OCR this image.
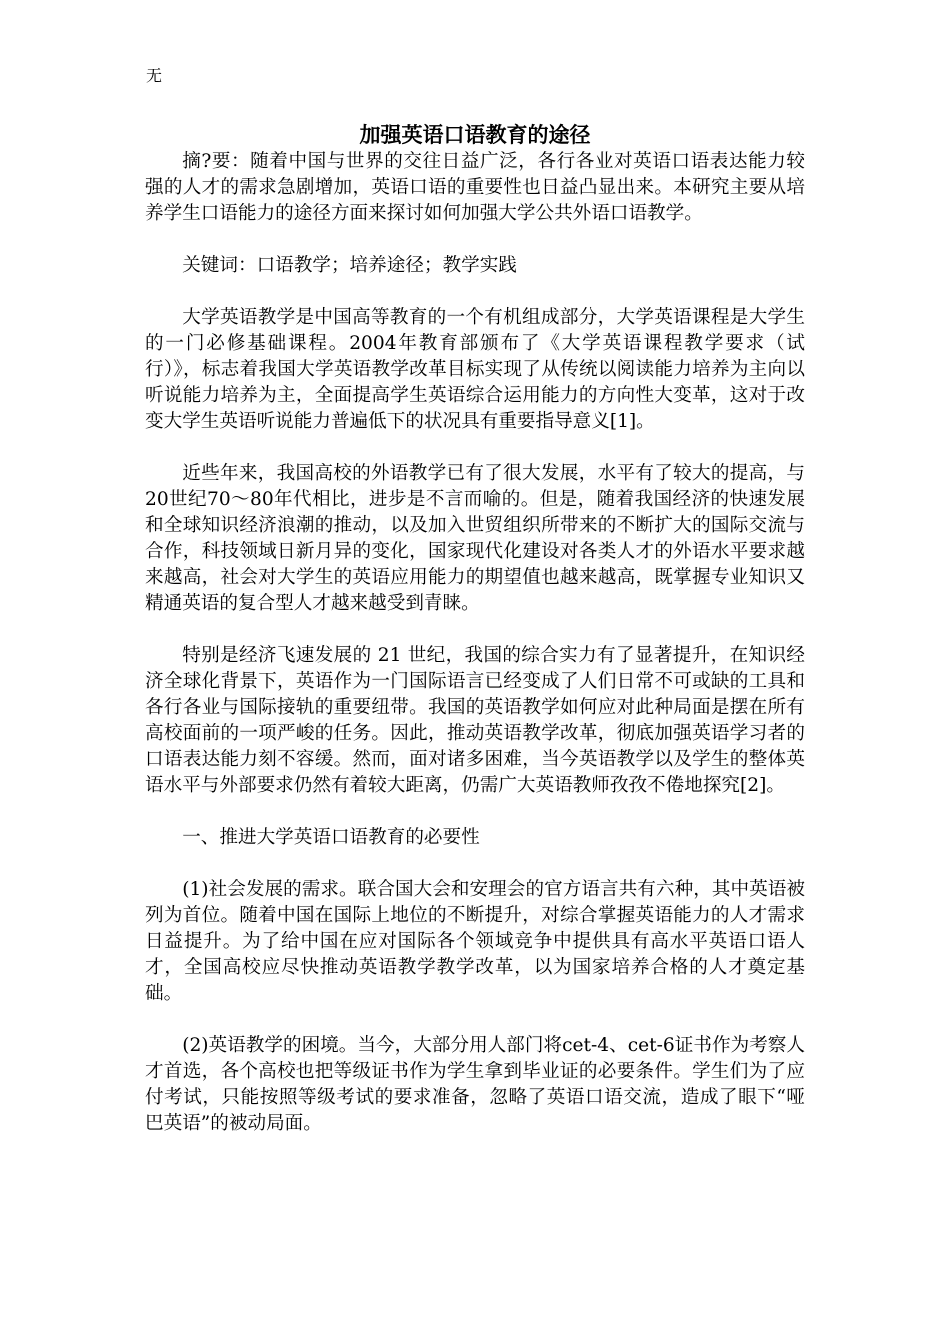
无
加强英语口语教育的途径

摘?要：随着中国与世界的交往日益广泛，各行各业对英语口语表达能力较强的人才的需求急剧增加，英语口语的重要性也日益凸显出来。本研究主要从培养学生口语能力的途径方面来探讨如何加强大学公共外语口语教学。

关键词：口语教学；培养途径；教学实践

大学英语教学是中国高等教育的一个有机组成部分，大学英语课程是大学生的一门必修基础课程。2004年教育部颁布了《大学英语课程教学要求（试行）》，标志着我国大学英语教学改革目标实现了从传统以阅读能力培养为主向以听说能力培养为主，全面提高学生英语综合运用能力的方向性大变革，这对于改变大学生英语听说能力普遍低下的状况具有重要指导意义[1]。

近些年来，我国高校的外语教学已有了很大发展，水平有了较大的提高，与20世纪70～80年代相比，进步是不言而喻的。但是，随着我国经济的快速发展和全球知识经济浪潮的推动，以及加入世贸组织所带来的不断扩大的国际交流与合作，科技领域日新月异的变化，国家现代化建设对各类人才的外语水平要求越来越高，社会对大学生的英语应用能力的期望值也越来越高，既掌握专业知识又精通英语的复合型人才越来越受到青睐。

特别是经济飞速发展的 21 世纪，我国的综合实力有了显著提升，在知识经济全球化背景下，英语作为一门国际语言已经变成了人们日常不可或缺的工具和各行各业与国际接轨的重要纽带。我国的英语教学如何应对此种局面是摆在所有高校面前的一项严峻的任务。因此，推动英语教学改革，彻底加强英语学习者的口语表达能力刻不容缓。然而，面对诸多困难，当今英语教学以及学生的整体英语水平与外部要求仍然有着较大距离，仍需广大英语教师孜孜不倦地探究[2]。

一、推进大学英语口语教育的必要性

(1)社会发展的需求。联合国大会和安理会的官方语言共有六种，其中英语被列为首位。随着中国在国际上地位的不断提升，对综合掌握英语能力的人才需求日益提升。为了给中国在应对国际各个领域竞争中提供具有高水平英语口语人才，全国高校应尽快推动英语教学教学改革，以为国家培养合格的人才奠定基础。

(2)英语教学的困境。当今，大部分用人部门将cet-4、cet-6证书作为考察人才首选，各个高校也把等级证书作为学生拿到毕业证的必要条件。学生们为了应付考试，只能按照等级考试的要求准备，忽略了英语口语交流，造成了眼下“哑巴英语”的被动局面。
